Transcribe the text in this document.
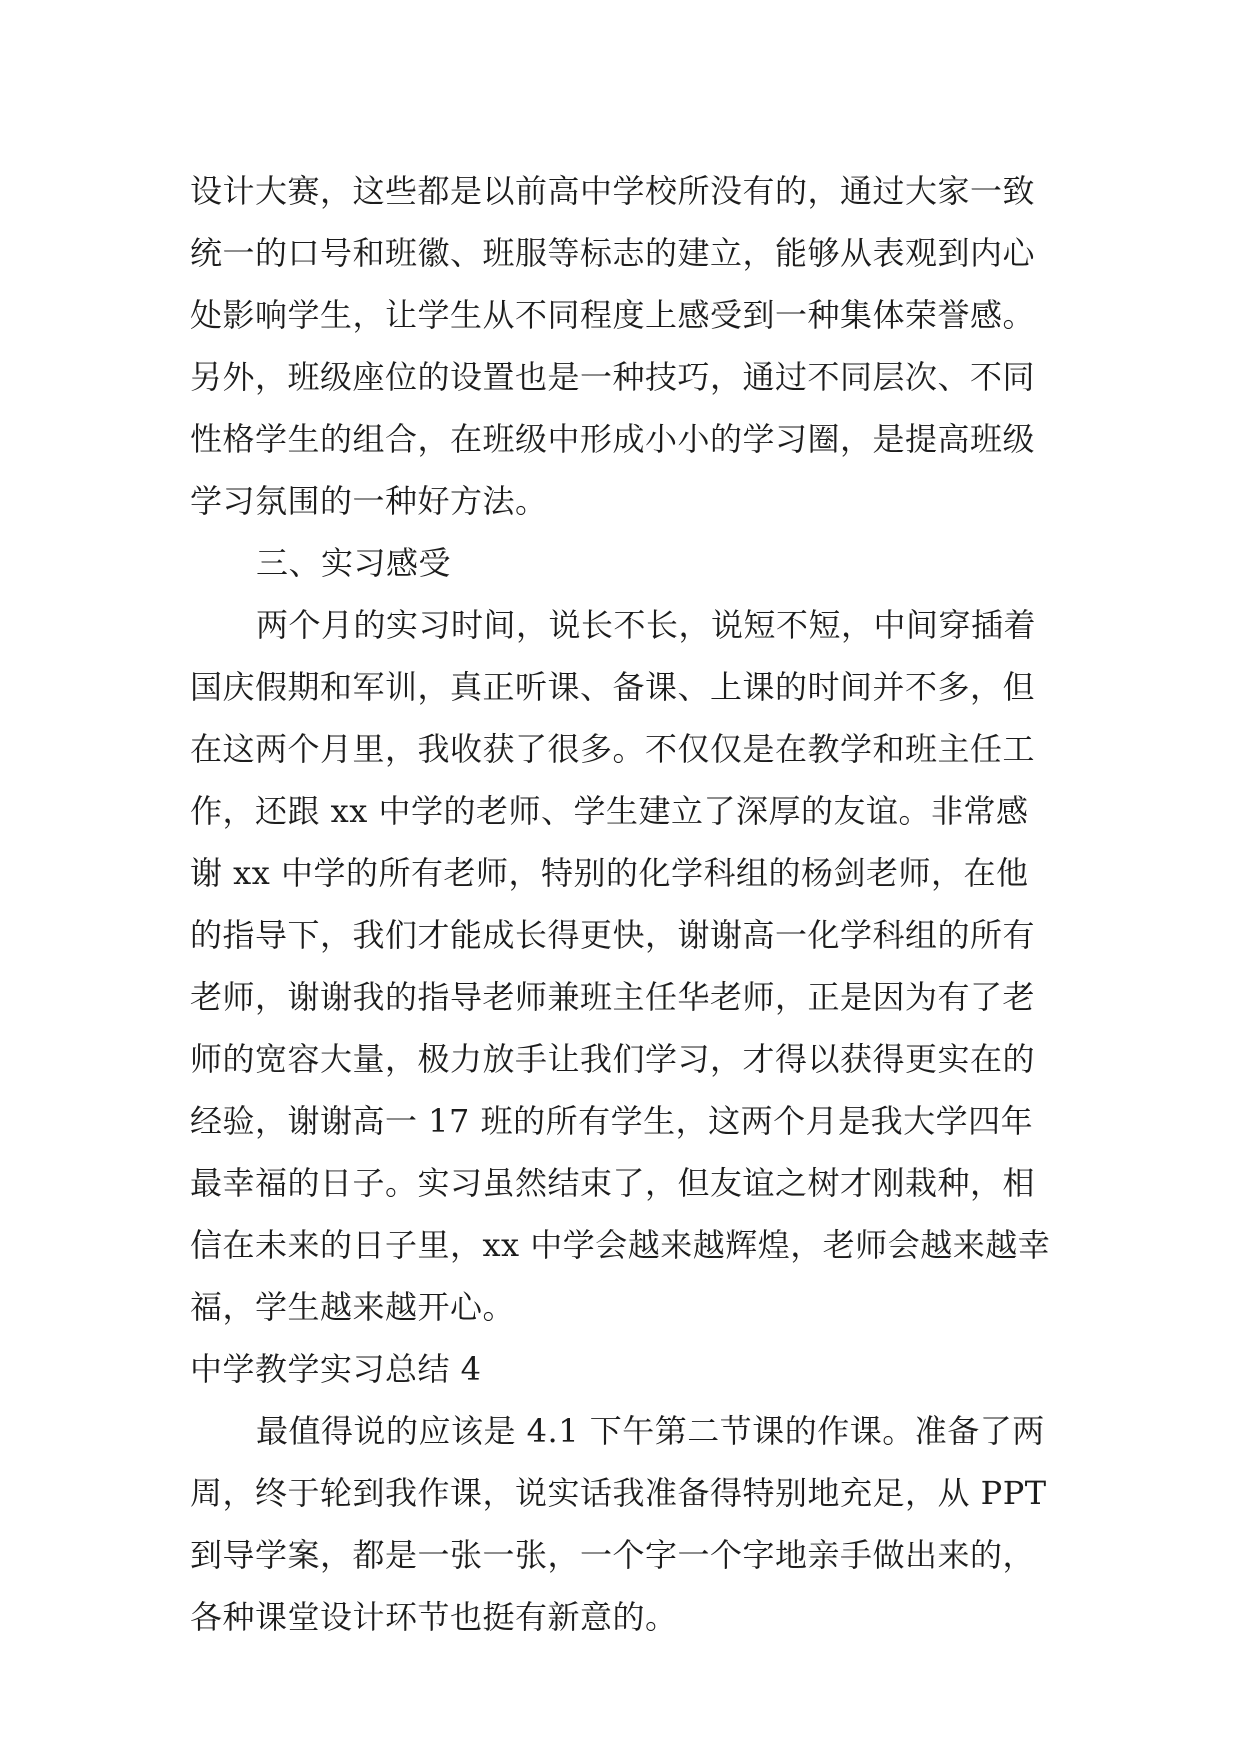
设计大赛，这些都是以前高中学校所没有的，通过大家一致
统一的口号和班徽、班服等标志的建立，能够从表观到内心
处影响学生，让学生从不同程度上感受到一种集体荣誉感。
另外，班级座位的设置也是一种技巧，通过不同层次、不同
性格学生的组合，在班级中形成小小的学习圈，是提高班级
学习氛围的一种好方法。
三、实习感受
两个月的实习时间，说长不长，说短不短，中间穿插着
国庆假期和军训，真正听课、备课、上课的时间并不多，但
在这两个月里，我收获了很多。不仅仅是在教学和班主任工
作，还跟 xx 中学的老师、学生建立了深厚的友谊。非常感
谢 xx 中学的所有老师，特别的化学科组的杨剑老师，在他
的指导下，我们才能成长得更快，谢谢高一化学科组的所有
老师，谢谢我的指导老师兼班主任华老师，正是因为有了老
师的宽容大量，极力放手让我们学习，才得以获得更实在的
经验，谢谢高一 17 班的所有学生，这两个月是我大学四年
最幸福的日子。实习虽然结束了，但友谊之树才刚栽种，相
信在未来的日子里，xx 中学会越来越辉煌，老师会越来越幸
福，学生越来越开心。
中学教学实习总结 4
最值得说的应该是 4.1 下午第二节课的作课。准备了两
周，终于轮到我作课，说实话我准备得特别地充足，从 PPT
到导学案，都是一张一张，一个字一个字地亲手做出来的，
各种课堂设计环节也挺有新意的。
